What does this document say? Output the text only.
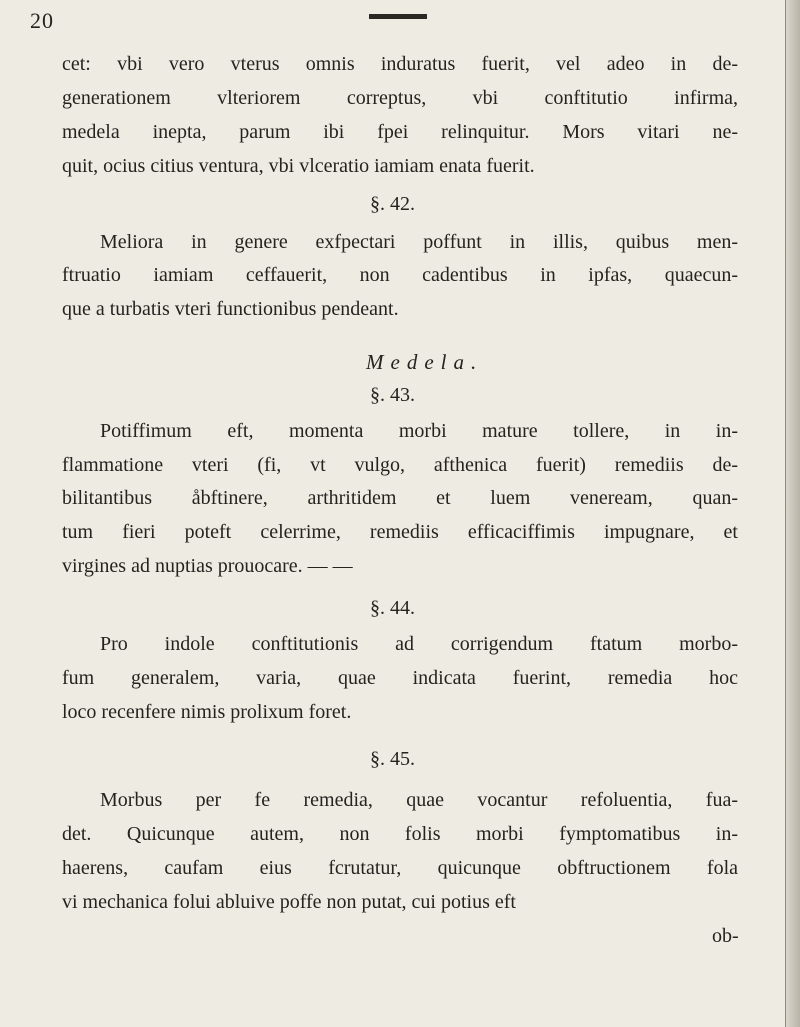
20
cet: vbi vero vterus omnis induratus fuerit, vel adeo in de-
generationem vlteriorem correptus, vbi conftitutio infirma,
medela inepta, parum ibi fpei relinquitur. Mors vitari ne-
quit, ocius citius ventura, vbi vlceratio iamiam enata fuerit.
§. 42.
Meliora in genere exfpectari poffunt in illis, quibus men-
ftruatio iamiam ceffauerit, non cadentibus in ipfas, quaecun-
que a turbatis vteri functionibus pendeant.
Medela.
§. 43.
Potiffimum eft, momenta morbi mature tollere, in in-
flammatione vteri (fi, vt vulgo, afthenica fuerit) remediis de-
bilitantibus åbftinere, arthritidem et luem veneream, quan-
tum fieri poteft celerrime, remediis efficaciffimis impugnare, et
virgines ad nuptias prouocare. — —
§. 44.
Pro indole conftitutionis ad corrigendum ftatum morbo-
fum generalem, varia, quae indicata fuerint, remedia hoc
loco recenfere nimis prolixum foret.
§. 45.
Morbus per fe remedia, quae vocantur refoluentia, fua-
det. Quicunque autem, non folis morbi fymptomatibus in-
haerens, caufam eius fcrutatur, quicunque obftructionem fola
vi mechanica folui abluive poffe non putat, cui potius eft
ob-
